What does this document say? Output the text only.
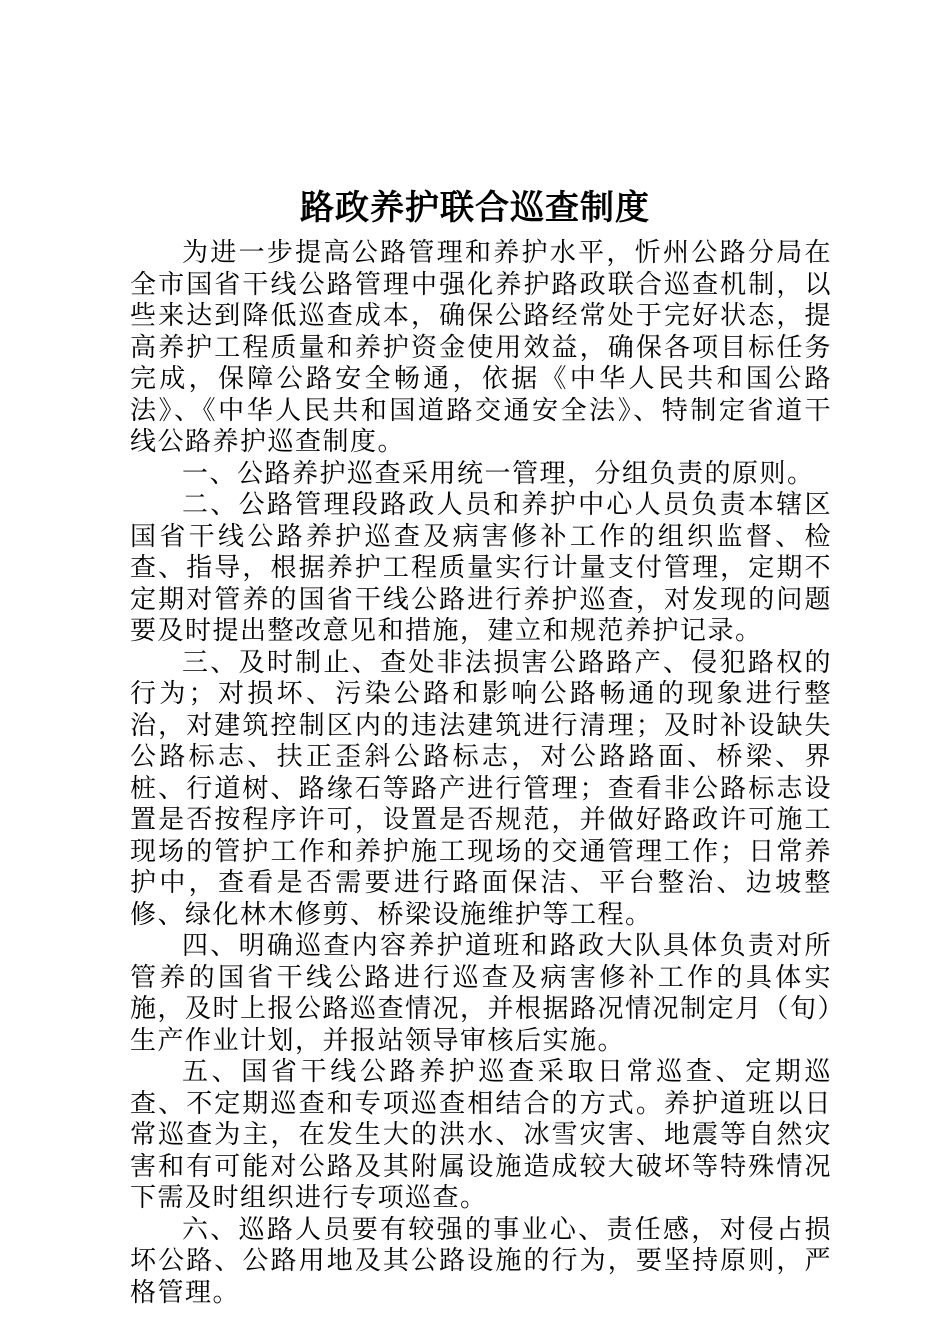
路政养护联合巡查制度

为进一步提高公路管理和养护水平，忻州公路分局在全市国省干线公路管理中强化养护路政联合巡查机制，以些来达到降低巡查成本，确保公路经常处于完好状态，提高养护工程质量和养护资金使用效益，确保各项目标任务完成，保障公路安全畅通，依据《中华人民共和国公路法》、《中华人民共和国道路交通安全法》、特制定省道干线公路养护巡查制度。

一、公路养护巡查采用统一管理，分组负责的原则。

二、公路管理段路政人员和养护中心人员负责本辖区国省干线公路养护巡查及病害修补工作的组织监督、检查、指导，根据养护工程质量实行计量支付管理，定期不定期对管养的国省干线公路进行养护巡查，对发现的问题要及时提出整改意见和措施，建立和规范养护记录。

三、及时制止、查处非法损害公路路产、侵犯路权的行为；对损坏、污染公路和影响公路畅通的现象进行整治，对建筑控制区内的违法建筑进行清理；及时补设缺失公路标志、扶正歪斜公路标志，对公路路面、桥梁、界桩、行道树、路缘石等路产进行管理；查看非公路标志设置是否按程序许可，设置是否规范，并做好路政许可施工现场的管护工作和养护施工现场的交通管理工作；日常养护中，查看是否需要进行路面保洁、平台整治、边坡整修、绿化林木修剪、桥梁设施维护等工程。

四、明确巡查内容养护道班和路政大队具体负责对所管养的国省干线公路进行巡查及病害修补工作的具体实施，及时上报公路巡查情况，并根据路况情况制定月（旬）生产作业计划，并报站领导审核后实施。

五、国省干线公路养护巡查采取日常巡查、定期巡查、不定期巡查和专项巡查相结合的方式。养护道班以日常巡查为主，在发生大的洪水、冰雪灾害、地震等自然灾害和有可能对公路及其附属设施造成较大破坏等特殊情况下需及时组织进行专项巡查。

六、巡路人员要有较强的事业心、责任感，对侵占损坏公路、公路用地及其公路设施的行为，要坚持原则，严格管理。
